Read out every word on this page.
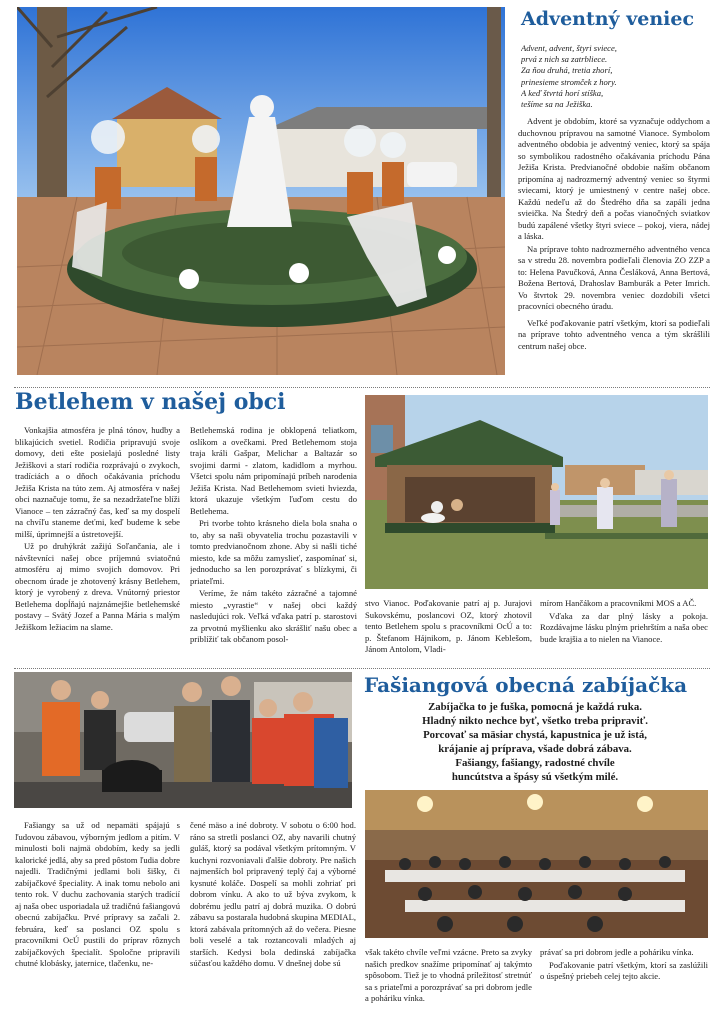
Adventný veniec
Advent, advent, štyri sviece,
prvá z nich sa zatrbliece.
Za ňou druhá, tretia zhorí,
prinesieme stromček z hory.
A keď štvrtá horí stíška,
tešíme sa na Ježiška.

Advent je obdobím, ktoré sa vyznačuje oddychom a duchovnou prípravou na samotné Vianoce. Symbolom adventného obdobia je adventný veniec, ktorý sa spája so symbolikou radostného očakávania príchodu Pána Ježiša Krista. Predvianočné obdobie naším občanom pripomína aj nadrozmerný adventný veniec so štyrmi sviecami, ktorý je umiestnený v centre našej obce. Každú nedeľu až do Štedrého dňa sa zapáli jedna svieička. Na Štedrý deň a počas vianočných sviatkov budú zapálené všetky štyri sviece – pokoj, viera, nádej a láska.

Na príprave tohto nadrozmerného adventného venca sa v stredu 28. novembra podieľali členovia ZO ZZP a to: Helena Pavučková, Anna Česláková, Anna Bertová, Božena Bertová, Drahoslav Bamburák a Peter Imrich. Vo štvrtok 29. novembra veniec dozdobili všetci pracovníci obecného úradu.

Veľké poďakovanie patrí všetkým, ktorí sa podieľali na príprave tohto adventného venca a tým skrášlili centrum našej obce.

Betlehem v našej obci

Vonkajšia atmosféra je plná tónov, hudby a blikajúcich svetiel. Rodičia pripravujú svoje domovy, deti ešte posielajú posledné listy Ježiškovi a starí rodičia rozprávajú o zvykoch, tradíciách a o dňoch očakávania príchodu Ježiša Krista na túto zem. Aj atmosféra v našej obci naznačuje tomu, že sa nezadržateľne blíži Vianoce – ten zázračný čas, keď sa my dospelí na chvíľu staneme deťmi, keď budeme k sebe milší, úprimnejší a ústretovejší.

Už po druhýkrát zažijú Soľančania, ale i návštevníci našej obce príjemnú sviatočnú atmosféru aj mimo svojich domovov. Pri obecnom úrade je zhotovený krásny Betlehem, ktorý je vyrobený z dreva. Vnútorný priestor Betlehema dopĺňajú najznámejšie betlehemské postavy – Svätý Jozef a Panna Mária s malým Ježiškom ležiacim na slame.

Betlehemská rodina je obklopená teliatkom, oslíkom a ovečkami. Pred Betlehemom stoja traja králi Gašpar, Melichar a Baltazár so svojimi darmi - zlatom, kadidlom a myrhou. Všetci spolu nám pripomínajú príbeh narodenia Ježiša Krista. Nad Betlehemom svieti hviezda, ktorá ukazuje všetkým ľuďom cestu do Betlehema.

Pri tvorbe tohto krásneho diela bola snaha o to, aby sa naši obyvatelia trochu pozastavili v tomto predvianočnom zhone. Aby si našli tiché miesto, kde sa môžu zamyslieť, zaspomínať si, jednoducho sa len porozprávať s blízkymi, či priateľmi.

Veríme, že nám takéto zázračné a tajomné miesto „vyrastie“ v našej obci každý nasledujúci rok. Veľká vďaka patrí p. starostovi za prvotnú myšlienku ako skrášliť našu obec a priblížiť tak občanom posol-

stvo Vianoc. Poďakovanie patrí aj p. Jurajovi Sukovskému, poslancovi OZ, ktorý zhotovil tento Betlehem spolu s pracovníkmi OcÚ a to: p. Štefanom Hájnikom, p. Jánom Keblešom, Jánom Antolom, Vladi-

mírom Hančákom a pracovníkmi MOS a AČ.

Vďaka za dar plný lásky a pokoja. Rozdávajme lásku plným priehrštím a naša obec bude krajšia a to nielen na Vianoce.

Fašiangová obecná zabíjačka
Zabíjačka to je fuška, pomocná je každá ruka.
Hladný nikto nechce byť, všetko treba pripraviť.
Porcovať sa mäsiar chystá, kapustnica je už istá,
krájanie aj príprava, všade dobrá zábava.
Fašiangy, fašiangy, radostné chvíle
huncútstva a špásy sú všetkým milé.

Fašiangy sa už od nepamäti spájajú s ľudovou zábavou, výborným jedlom a pitím. V minulosti boli najmä obdobím, kedy sa jedli kalorické jedlá, aby sa pred pôstom ľudia dobre najedli. Tradičnými jedlami boli šišky, či zabíjačkové špeciality. A inak tomu nebolo ani tento rok. V duchu zachovania starých tradícií aj naša obec usporiadala už tradičnú fašiangovú obecnú zabíjačku. Prvé prípravy sa začali 2. februára, keď sa poslanci OZ spolu s pracovníkmi OcÚ pustili do príprav rôznych zabíjačkových špecialít. Spoločne pripravili chutné klobásky, jaternice, tlačenku, ne-

čené mäso a iné dobroty. V sobotu o 6:00 hod. ráno sa stretli poslanci OZ, aby navarili chutný guláš, ktorý sa podával všetkým prítomným. V kuchyni rozvoniavali ďalšie dobroty. Pre našich najmenších bol pripravený teplý čaj a výborné kysnuté koláče. Dospelí sa mohli zohriať pri dobrom vínku. A ako to už býva zvykom, k dobrému jedlu patrí aj dobrá muzika. O dobrú zábavu sa postarala hudobná skupina MEDIAL, ktorá zabávala prítomných až do večera. Piesne boli veselé a tak roztancovali mladých aj starších. Kedysi bola dedinská zabíjačka súčasťou každého domu. V dnešnej dobe sú

však takéto chvíle veľmi vzácne. Preto sa zvyky našich predkov snažíme pripomínať aj takýmto spôsobom. Tiež je to vhodná príležitosť stretnúť sa s priateľmi a porozprávať sa pri dobrom jedle a poháriku vínka.

právať sa pri dobrom jedle a poháriku vínka.

Poďakovanie patrí všetkým, ktorí sa zaslúžili o úspešný priebeh celej tejto akcie.
